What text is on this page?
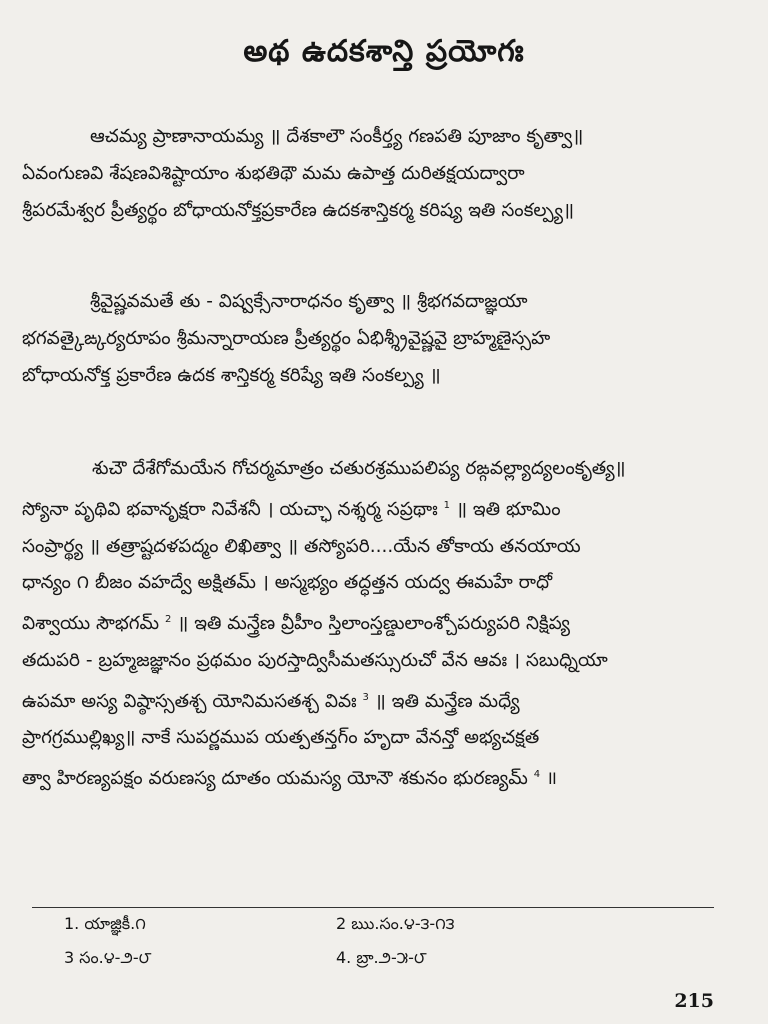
అథ ఉదకశాన్తి ప్రయోగః
ఆచమ్య ప్రాణానాయమ్య ॥ దేశకాలౌ సంకీర్త్య గణపతి పూజాం కృత్వా॥
ఏవంగుణవి శేషణవిశిష్టాయాం శుభతిథౌ మమ ఉపాత్త దురితక్షయద్వారా
శ్రీపరమేశ్వర ప్రీత్యర్థం బోధాయనోక్తప్రకారేణ ఉదకశాన్తికర్మ కరిష్య ఇతి సంకల్ప్య॥
శ్రీవైష్ణవమతే తు - విష్వక్సేనారాధనం కృత్వా ॥ శ్రీభగవదాజ్ఞయా
భగవత్కైఙ్కర్యరూపం శ్రీమన్నారాయణ ప్రీత్యర్థం ఏభిశ్శ్రీవైష్ణవై బ్రాహ్మణైస్సహ
బోధాయనోక్త ప్రకారేణ ఉదక శాన్తికర్మ కరిష్యే ఇతి సంకల్ప్య ॥
శుచౌ దేశేగోమయేన గోచర్మమాత్రం చతురశ్రముపలిప్య రఙ్గవల్ల్యాద్యలంకృత్య॥
స్యోనా పృథివి భవానృక్షరా నివేశనీ । యచ్ఛా నశ్శర్మ సప్రథాః $^1$ ॥ ఇతి భూమిం
సంప్రార్థ్య ॥ తత్రాష్టదళపద్మం లిఖిత్వా ॥ తస్యోపరి....యేన తోకాయ తనయాయ
ధాన్యం ౧ బీజం వహద్వే అక్షితమ్ । అస్మభ్యం తద్ధత్తన యద్వ ఈమహే రాధో
విశ్వాయు సౌభగమ్ $^2$ ॥ ఇతి మన్త్రేణ వ్రీహీం స్తిలాంస్తణ్డులాంశ్చోపర్యుపరి నిక్షిప్య
తదుపరి - బ్రహ్మజజ్ఞానం ప్రథమం పురస్తాద్విసీమతస్సురుచో వేన ఆవః । సబుధ్నియా
ఉపమా అస్య విష్ఠాస్సతశ్చ యోనిమసతశ్చ వివః $^3$ ॥ ఇతి మన్త్రేణ మధ్యే
ప్రాగగ్రముల్లిఖ్య॥ నాకే సుపర్ణముప యత్పతన్తగ్ం హృదా వేనన్తో అభ్యచక్షత
త్వా హిరణ్యపక్షం వరుణస్య దూతం యమస్య యోనౌ శకునం భురణ్యమ్ $^4$ ॥
1. యాజ్ఞికీ.౧	2 ఋ.సం.౪-౩-౧౩
3 సం.౪-౨-౮	4. బ్రా.౨-౫-౮
215
